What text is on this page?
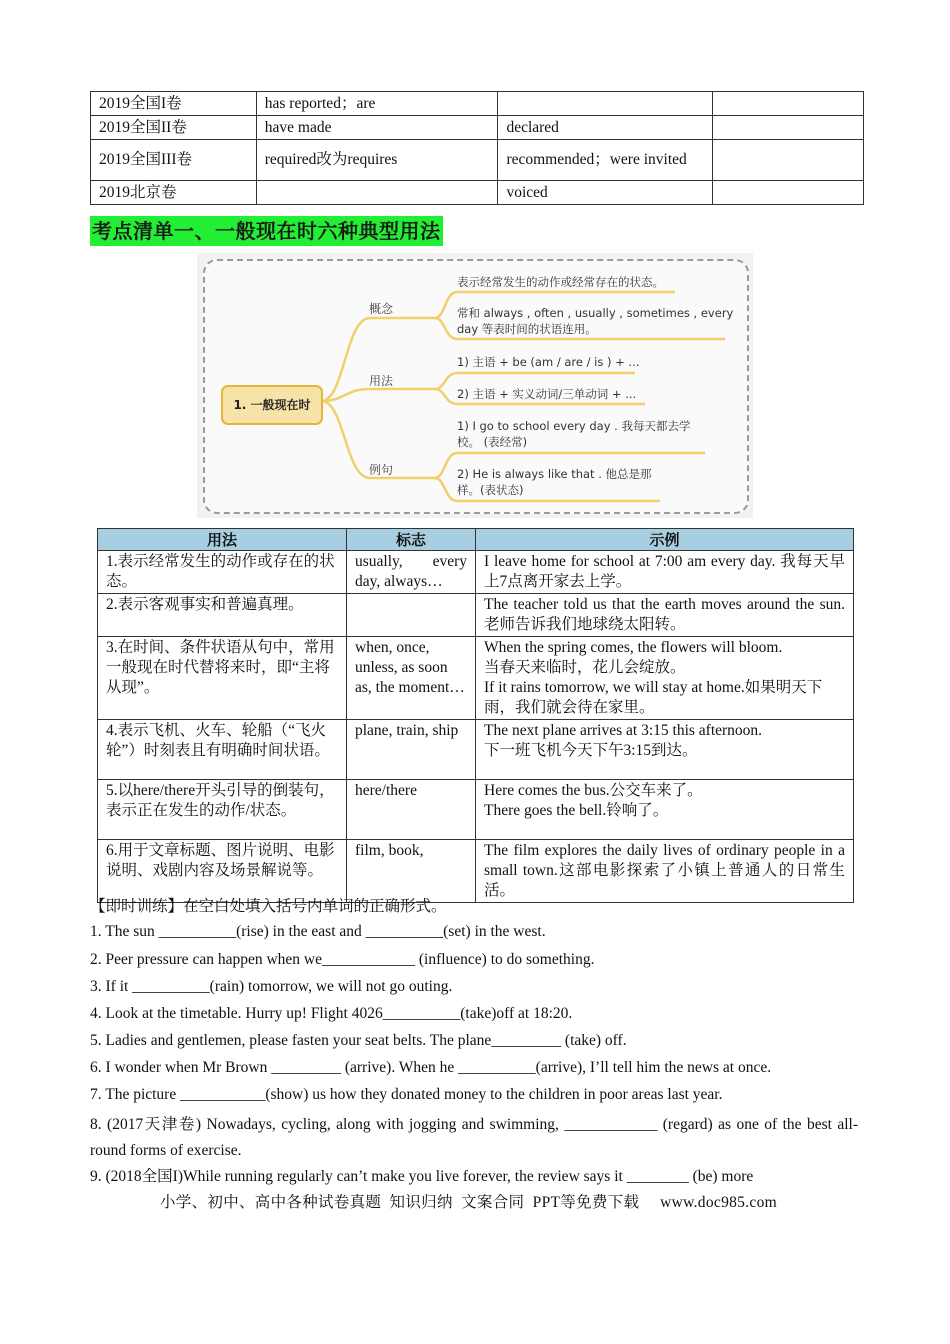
2019全国I卷	has reported；are		
2019全国II卷	have made	declared	
2019全国III卷	required改为requires	recommended；were invited	
2019北京卷		voiced	
考点清单一、一般现在时六种典型用法
1. 一般现在时
概念
用法
例句
表示经常发生的动作或经常存在的状态。
常和 always , often , usually , sometimes , every
day 等表时间的状语连用。
1) 主语 + be (am / are / is ) + ...
2) 主语 + 实义动词/三单动词 + ...
1) I go to school every day . 我每天都去学
校。 (表经常)
2) He is always like that . 他总是那
样。(表状态)
用法	标志	示例
1.表示经常发生的动作或存在的状态。	usually, every day, always…	I leave home for school at 7:00 am every day. 我每天早上7点离开家去上学。
2.表示客观事实和普遍真理。		The teacher told us that the earth moves around the sun. 老师告诉我们地球绕太阳转。
3.在时间、条件状语从句中，常用一般现在时代替将来时，即“主将从现”。	when, once, unless, as soon as, the moment…	When the spring comes, the flowers will bloom.
当春天来临时，花儿会绽放。
If it rains tomorrow, we will stay at home.如果明天下雨，我们就会待在家里。
4.表示飞机、火车、轮船（“飞火轮”）时刻表且有明确时间状语。	plane, train, ship	The next plane arrives at 3:15 this afternoon.
下一班飞机今天下午3:15到达。
5.以here/there开头引导的倒装句，表示正在发生的动作/状态。	here/there	Here comes the bus.公交车来了。
There goes the bell.铃响了。
6.用于文章标题、图片说明、电影说明、戏剧内容及场景解说等。	film, book,	The film explores the daily lives of ordinary people in a small town.这部电影探索了小镇上普通人的日常生活。
【即时训练】在空白处填入括号内单词的正确形式。
1. The sun __________(rise) in the east and __________(set) in the west.
2. Peer pressure can happen when we____________ (influence) to do something.
3. If it __________(rain) tomorrow, we will not go outing.
4. Look at the timetable. Hurry up! Flight 4026__________(take)off at 18:20.
5. Ladies and gentlemen, please fasten your seat belts. The plane_________ (take) off.
6. I wonder when Mr Brown _________ (arrive). When he __________(arrive), I’ll tell him the news at once.
7. The picture ___________(show) us how they donated money to the children in poor areas last year.
8. (2017天津卷) Nowadays, cycling, along with jogging and swimming, ____________ (regard) as one of the best all-round forms of exercise.
9. (2018全国I)While running regularly can’t make you live forever, the review says it ________ (be) more
小学、初中、高中各种试卷真题  知识归纳  文案合同  PPT等免费下载     www.doc985.com
